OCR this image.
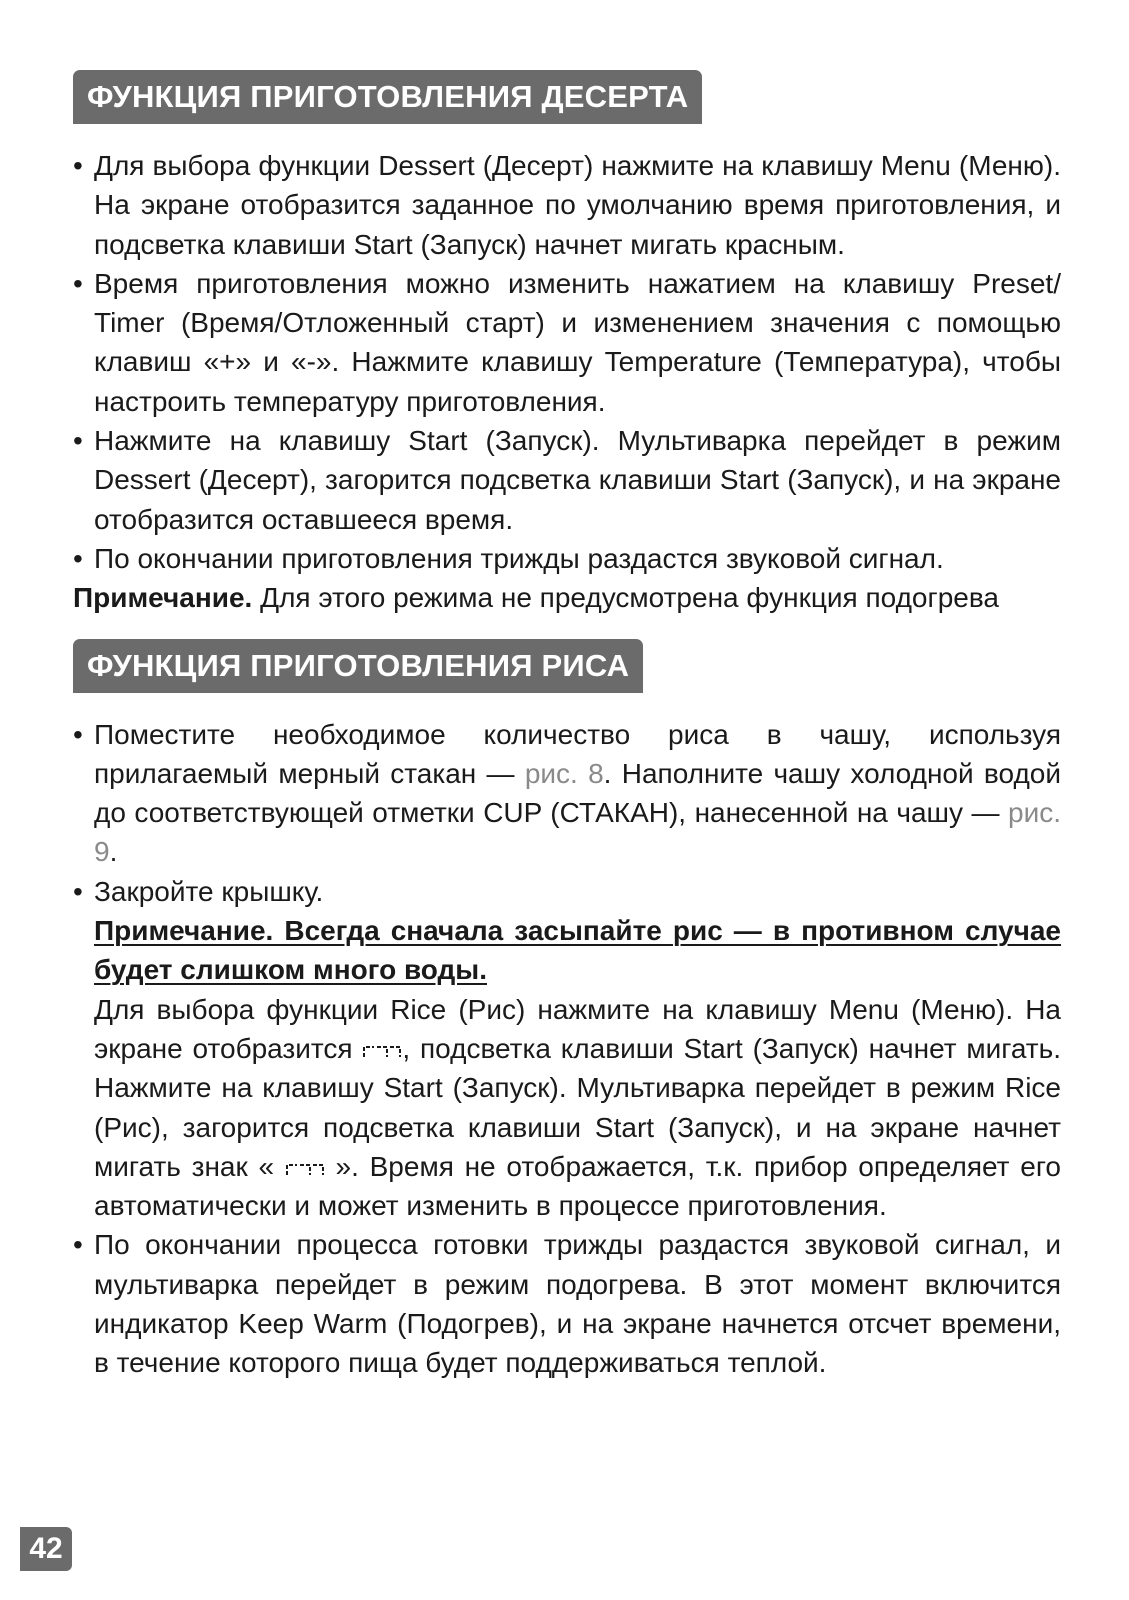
ФУНКЦИЯ ПРИГОТОВЛЕНИЯ ДЕСЕРТА
• Для выбора функции Dessert (Десерт) нажмите на клавишу Menu (Меню). На экране отобразится заданное по умолчанию время приготовления, и подсветка клавиши Start (Запуск) начнет мигать красным.
• Время приготовления можно изменить нажатием на клавишу Preset/ Timer (Время/Отложенный старт) и изменением значения с помощью клавиш «+» и «-». Нажмите клавишу Temperature (Температура), чтобы настроить температуру приготовления.
• Нажмите на клавишу Start (Запуск). Мультиварка перейдет в режим Dessert (Десерт), загорится подсветка клавиши Start (Запуск), и на экране отобразится оставшееся время.
• По окончании приготовления трижды раздастся звуковой сигнал.
Примечание. Для этого режима не предусмотрена функция подогрева
ФУНКЦИЯ ПРИГОТОВЛЕНИЯ РИСА
• Поместите необходимое количество риса в чашу, используя прилагаемый мерный стакан — рис. 8. Наполните чашу холодной водой до соответствующей отметки CUP (СТАКАН), нанесенной на чашу — рис. 9.
• Закройте крышку.
Примечание. Всегда сначала засыпайте рис — в противном случае будет слишком много воды.
Для выбора функции Rice (Рис) нажмите на клавишу Menu (Меню). На экране отобразится , подсветка клавиши Start (Запуск) начнет мигать. Нажмите на клавишу Start (Запуск). Мультиварка перейдет в режим Rice (Рис), загорится подсветка клавиши Start (Запуск), и на экране начнет мигать знак «  ». Время не отображается, т.к. прибор определяет его автоматически и может изменить в процессе приготовления.
• По окончании процесса готовки трижды раздастся звуковой сигнал, и мультиварка перейдет в режим подогрева. В этот момент включится индикатор Keep Warm (Подогрев), и на экране начнется отсчет времени, в течение которого пища будет поддерживаться теплой.
42
